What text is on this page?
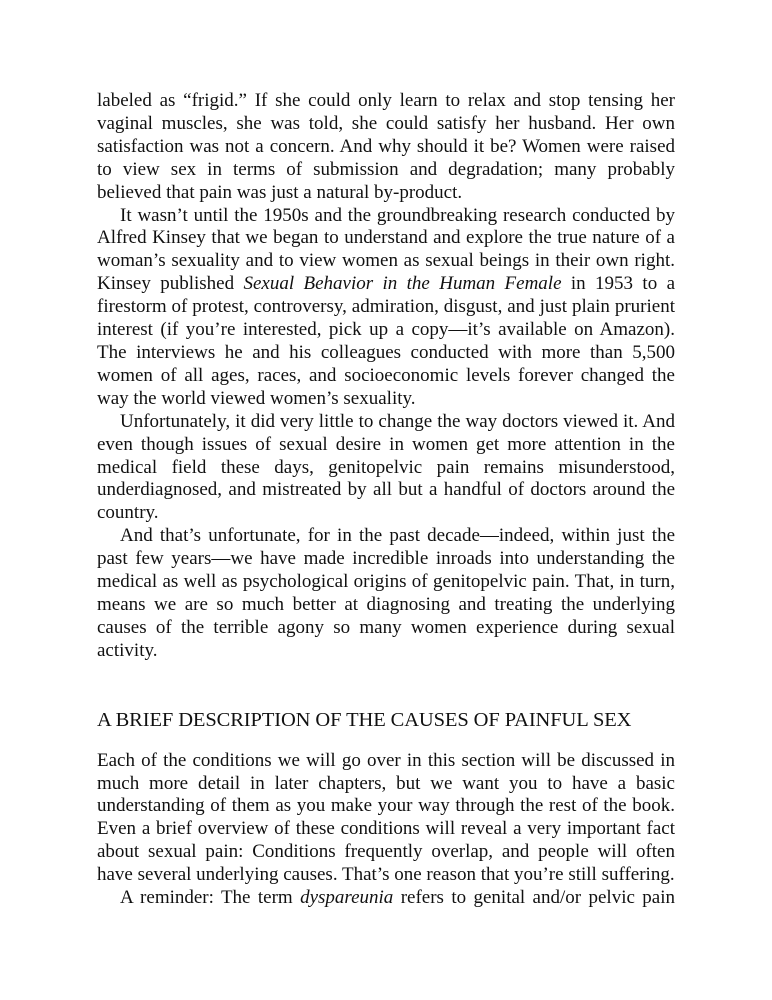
labeled as “frigid.” If she could only learn to relax and stop tensing her vaginal muscles, she was told, she could satisfy her husband. Her own satisfaction was not a concern. And why should it be? Women were raised to view sex in terms of submission and degradation; many probably believed that pain was just a natural by-product.

It wasn’t until the 1950s and the groundbreaking research conducted by Alfred Kinsey that we began to understand and explore the true nature of a woman’s sexuality and to view women as sexual beings in their own right. Kinsey published Sexual Behavior in the Human Female in 1953 to a firestorm of protest, controversy, admiration, disgust, and just plain prurient interest (if you’re interested, pick up a copy—it’s available on Amazon). The interviews he and his colleagues conducted with more than 5,500 women of all ages, races, and socioeconomic levels forever changed the way the world viewed women’s sexuality.

Unfortunately, it did very little to change the way doctors viewed it. And even though issues of sexual desire in women get more attention in the medical field these days, genitopelvic pain remains misunderstood, underdiagnosed, and mistreated by all but a handful of doctors around the country.

And that’s unfortunate, for in the past decade—indeed, within just the past few years—we have made incredible inroads into understanding the medical as well as psychological origins of genitopelvic pain. That, in turn, means we are so much better at diagnosing and treating the underlying causes of the terrible agony so many women experience during sexual activity.

A BRIEF DESCRIPTION OF THE CAUSES OF PAINFUL SEX

Each of the conditions we will go over in this section will be discussed in much more detail in later chapters, but we want you to have a basic understanding of them as you make your way through the rest of the book. Even a brief overview of these conditions will reveal a very important fact about sexual pain: Conditions frequently overlap, and people will often have several underlying causes. That’s one reason that you’re still suffering.

A reminder: The term dyspareunia refers to genital and/or pelvic pain
